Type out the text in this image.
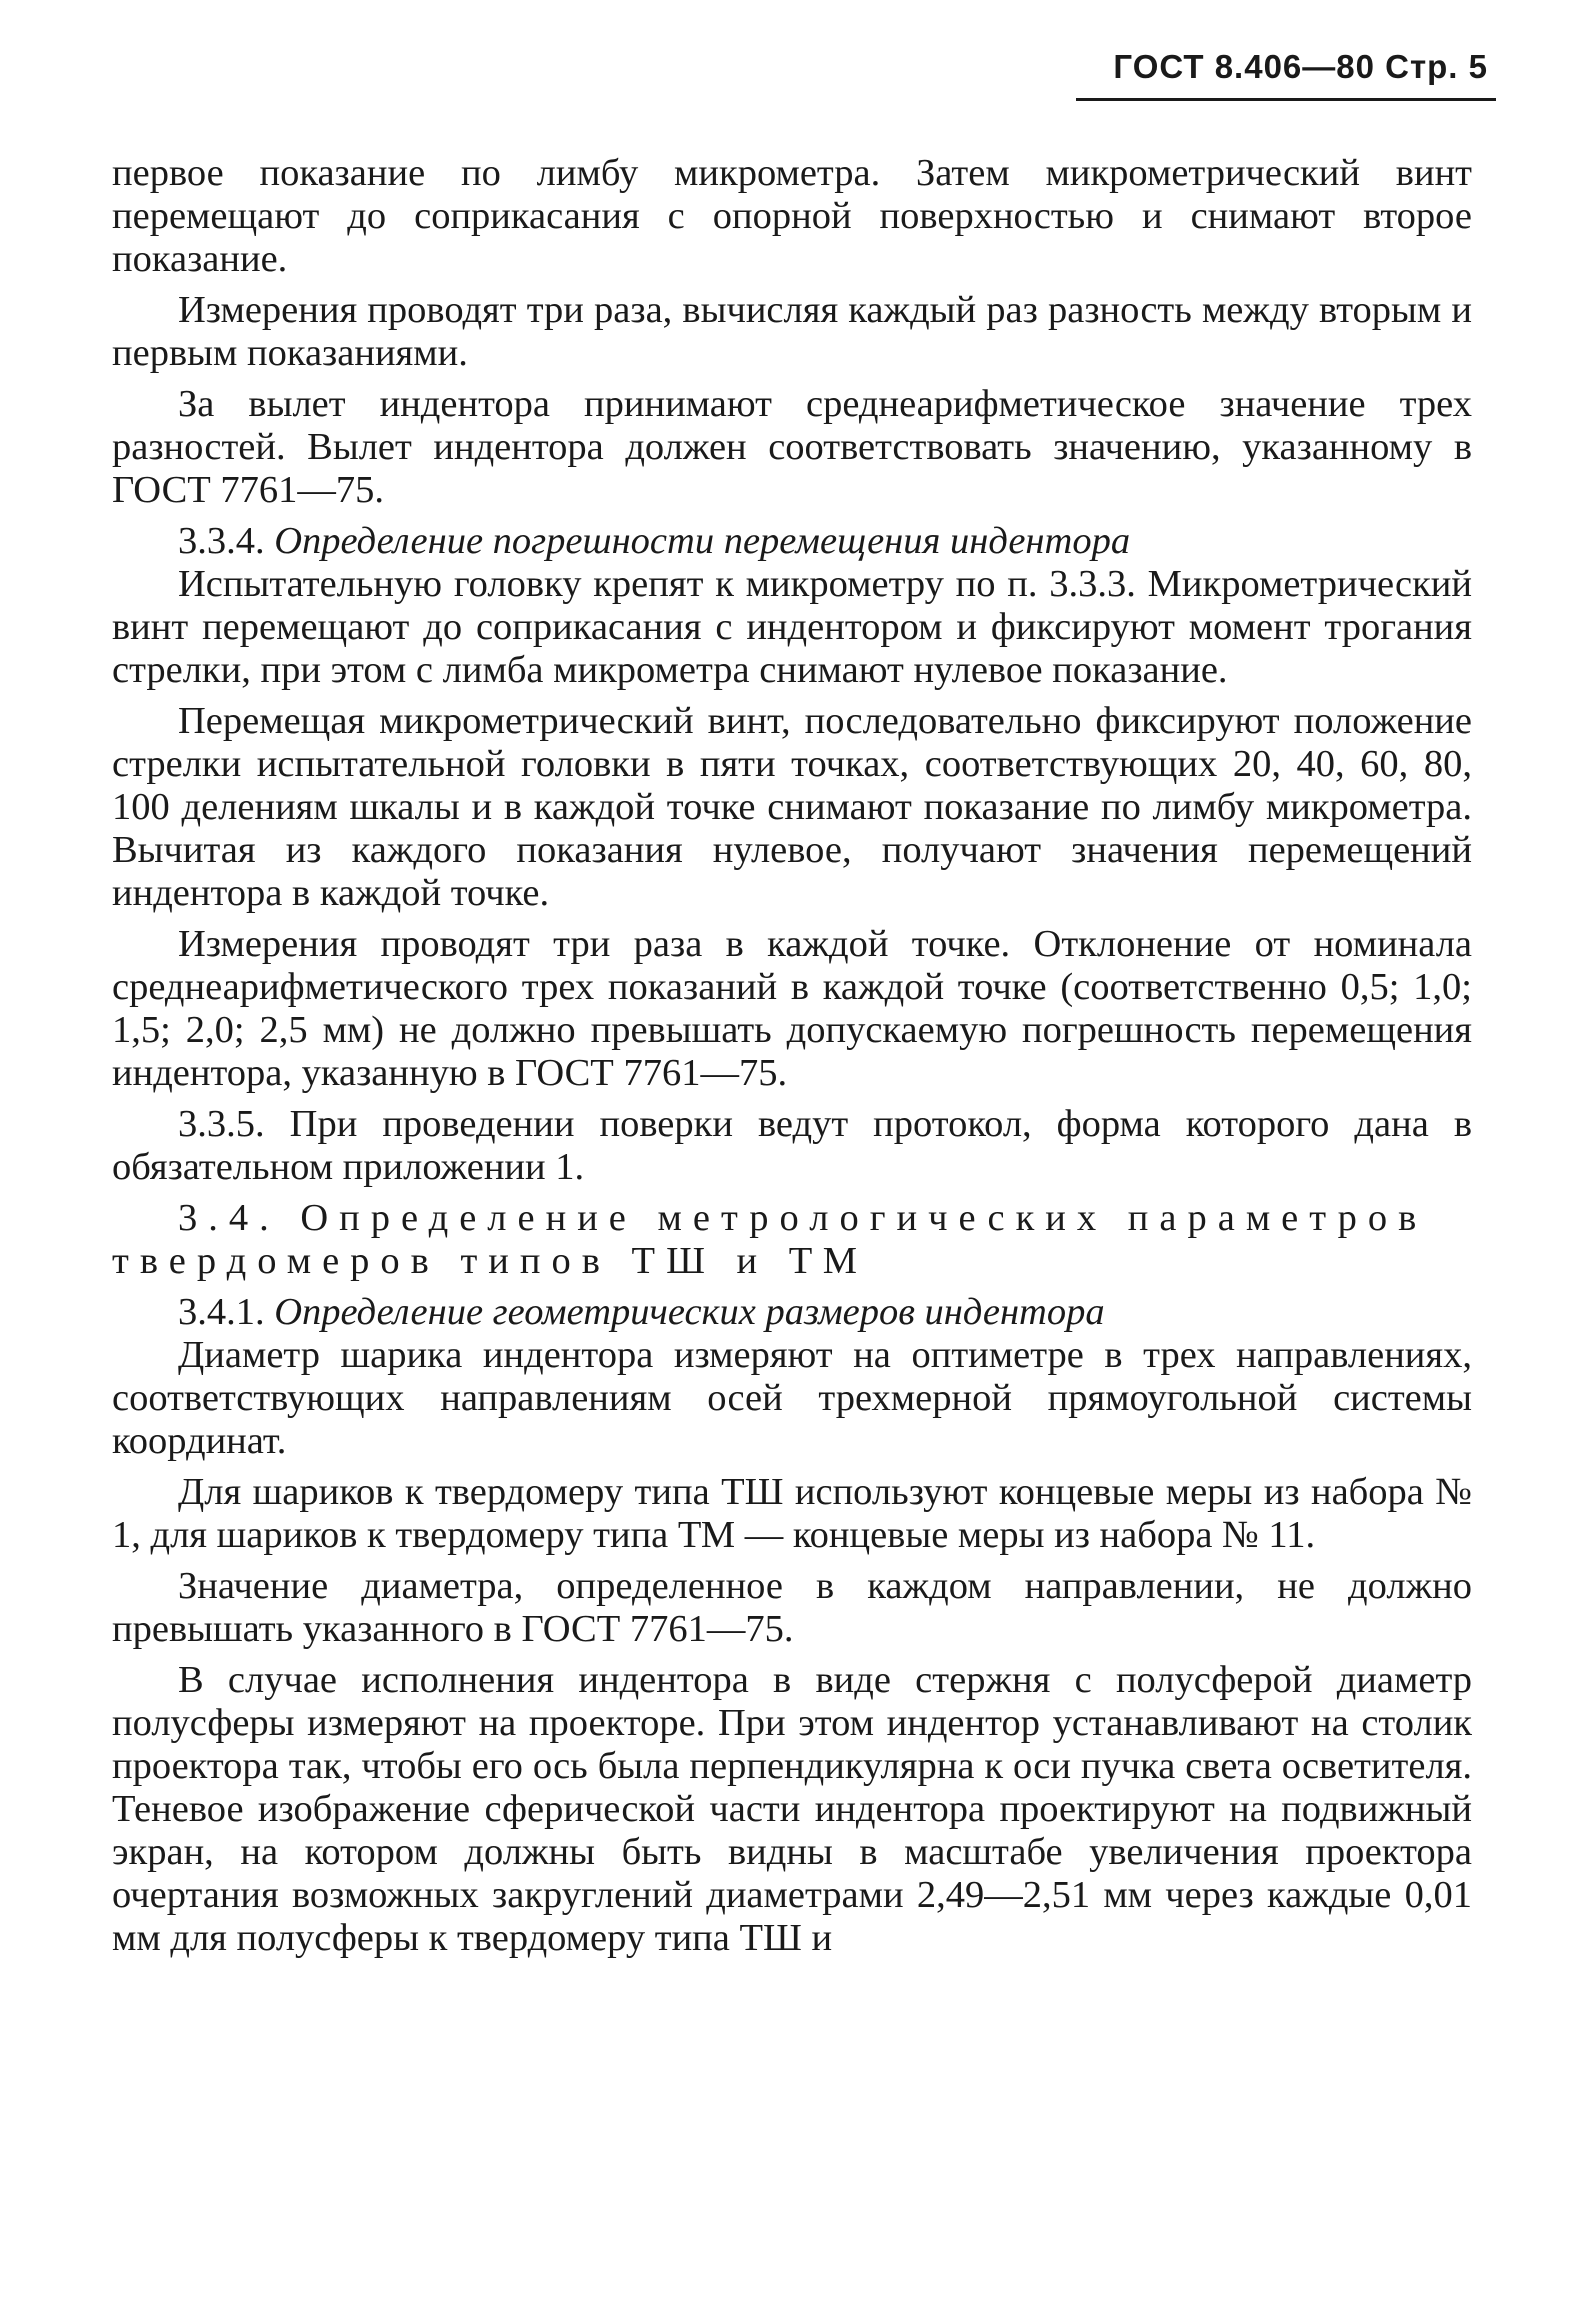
ГОСТ 8.406—80 Стр. 5

первое показание по лимбу микрометра. Затем микрометрический винт перемещают до соприкасания с опорной поверхностью и снимают второе показание.

Измерения проводят три раза, вычисляя каждый раз разность между вторым и первым показаниями.

За вылет индентора принимают среднеарифметическое значение трех разностей. Вылет индентора должен соответствовать значению, указанному в ГОСТ 7761—75.

3.3.4. Определение погрешности перемещения индентора

Испытательную головку крепят к микрометру по п. 3.3.3. Микрометрический винт перемещают до соприкасания с индентором и фиксируют момент трогания стрелки, при этом с лимба микрометра снимают нулевое показание.

Перемещая микрометрический винт, последовательно фиксируют положение стрелки испытательной головки в пяти точках, соответствующих 20, 40, 60, 80, 100 делениям шкалы и в каждой точке снимают показание по лимбу микрометра. Вычитая из каждого показания нулевое, получают значения перемещений индентора в каждой точке.

Измерения проводят три раза в каждой точке. Отклонение от номинала среднеарифметического трех показаний в каждой точке (соответственно 0,5; 1,0; 1,5; 2,0; 2,5 мм) не должно превышать допускаемую погрешность перемещения индентора, указанную в ГОСТ 7761—75.

3.3.5. При проведении поверки ведут протокол, форма которого дана в обязательном приложении 1.

3.4. Определение метрологических параметров твердомеров типов ТШ и ТМ

3.4.1. Определение геометрических размеров индентора

Диаметр шарика индентора измеряют на оптиметре в трех направлениях, соответствующих направлениям осей трехмерной прямоугольной системы координат.

Для шариков к твердомеру типа ТШ используют концевые меры из набора № 1, для шариков к твердомеру типа ТМ — концевые меры из набора № 11.

Значение диаметра, определенное в каждом направлении, не должно превышать указанного в ГОСТ 7761—75.

В случае исполнения индентора в виде стержня с полусферой диаметр полусферы измеряют на проекторе. При этом индентор устанавливают на столик проектора так, чтобы его ось была перпендикулярна к оси пучка света осветителя. Теневое изображение сферической части индентора проектируют на подвижный экран, на котором должны быть видны в масштабе увеличения проектора очертания возможных закруглений диаметрами 2,49—2,51 мм через каждые 0,01 мм для полусферы к твердомеру типа ТШ и
